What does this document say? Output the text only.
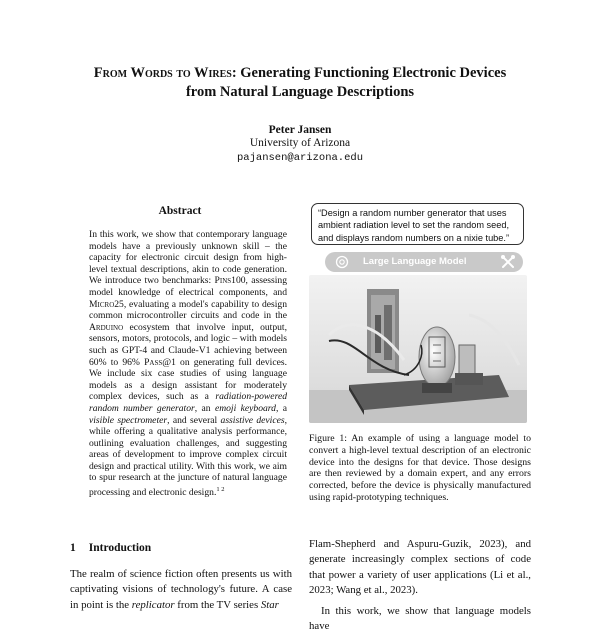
From Words to Wires: Generating Functioning Electronic Devices
from Natural Language Descriptions
Peter Jansen
University of Arizona
pajansen@arizona.edu
Abstract
In this work, we show that contemporary language models have a previously unknown skill – the capacity for electronic circuit design from high-level textual descriptions, akin to code generation. We introduce two benchmarks: Pins100, assessing model knowledge of electrical components, and Micro25, evaluating a model's capability to design common microcontroller circuits and code in the Arduino ecosystem that involve input, output, sensors, motors, protocols, and logic – with models such as GPT-4 and Claude-V1 achieving between 60% to 96% Pass@1 on generating full devices. We include six case studies of using language models as a design assistant for moderately complex devices, such as a radiation-powered random number generator, an emoji keyboard, a visible spectrometer, and several assistive devices, while offering a qualitative analysis performance, outlining evaluation challenges, and suggesting areas of development to improve complex circuit design and practical utility. With this work, we aim to spur research at the juncture of natural language processing and electronic design.$^{1 2}$
1 Introduction
The realm of science fiction often presents us with captivating visions of technology's future. A case in point is the replicator from the TV series Star
“Design a random number generator that uses ambient radiation level to set the random seed, and displays random numbers on a nixie tube.”
Large Language Model
Figure 1: An example of using a language model to convert a high-level textual description of an electronic device into the designs for that device. Those designs are then reviewed by a domain expert, and any errors corrected, before the device is physically manufactured using rapid-prototyping techniques.
Flam-Shepherd and Aspuru-Guzik, 2023), and generate increasingly complex sections of code that power a variety of user applications (Li et al., 2023; Wang et al., 2023).
In this work, we show that language models have
